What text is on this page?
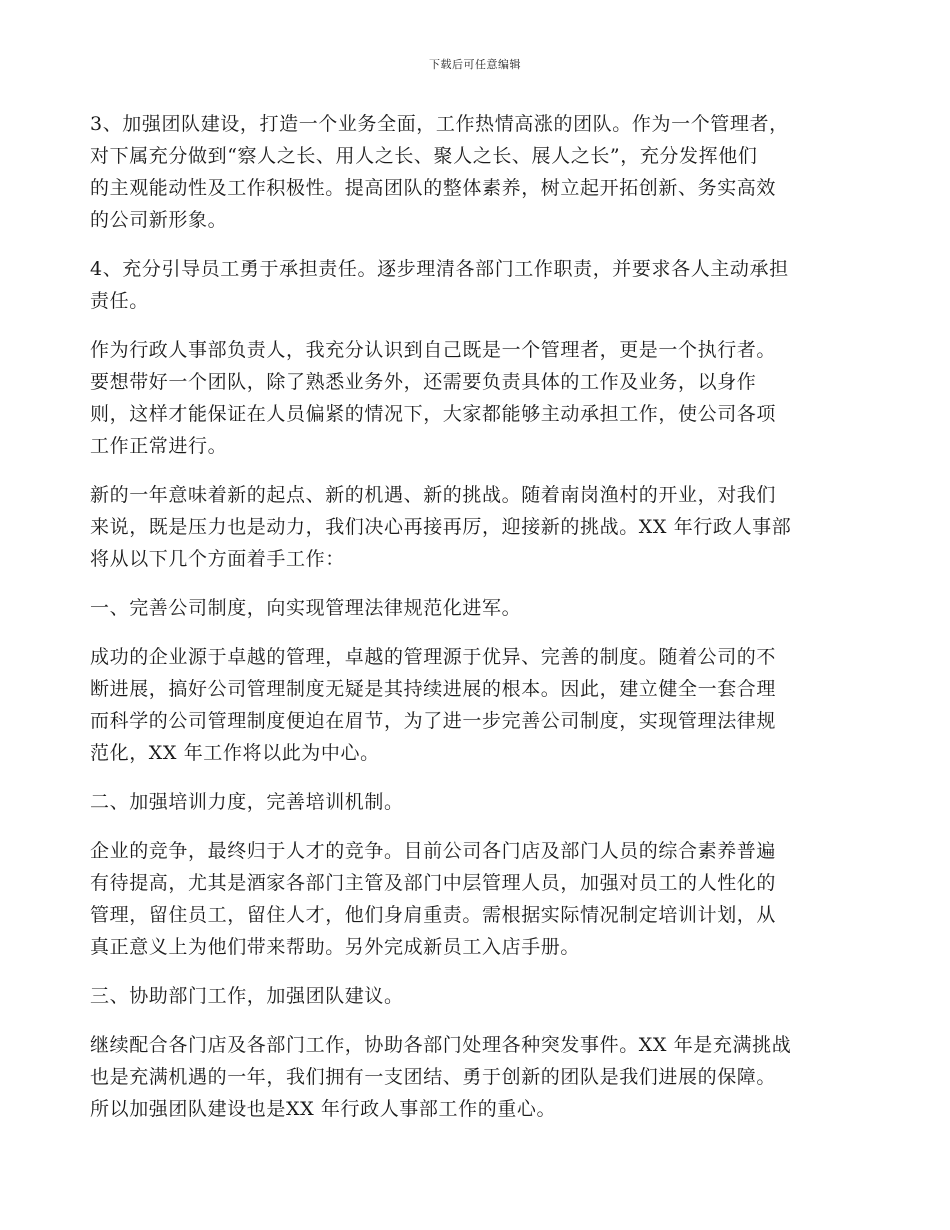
下载后可任意编辑

3、加强团队建设，打造一个业务全面，工作热情高涨的团队。作为一个管理者，
对下属充分做到“察人之长、用人之长、聚人之长、展人之长”，充分发挥他们
的主观能动性及工作积极性。提高团队的整体素养，树立起开拓创新、务实高效
的公司新形象。

4、充分引导员工勇于承担责任。逐步理清各部门工作职责，并要求各人主动承担
责任。

作为行政人事部负责人，我充分认识到自己既是一个管理者，更是一个执行者。
要想带好一个团队，除了熟悉业务外，还需要负责具体的工作及业务，以身作
则，这样才能保证在人员偏紧的情况下，大家都能够主动承担工作，使公司各项
工作正常进行。

新的一年意味着新的起点、新的机遇、新的挑战。随着南岗渔村的开业，对我们
来说，既是压力也是动力，我们决心再接再厉，迎接新的挑战。XX 年行政人事部
将从以下几个方面着手工作：

一、完善公司制度，向实现管理法律规范化进军。

成功的企业源于卓越的管理，卓越的管理源于优异、完善的制度。随着公司的不
断进展，搞好公司管理制度无疑是其持续进展的根本。因此，建立健全一套合理
而科学的公司管理制度便迫在眉节，为了进一步完善公司制度，实现管理法律规
范化，XX 年工作将以此为中心。

二、加强培训力度，完善培训机制。

企业的竞争，最终归于人才的竞争。目前公司各门店及部门人员的综合素养普遍
有待提高，尤其是酒家各部门主管及部门中层管理人员，加强对员工的人性化的
管理，留住员工，留住人才，他们身肩重责。需根据实际情况制定培训计划，从
真正意义上为他们带来帮助。另外完成新员工入店手册。

三、协助部门工作，加强团队建议。

继续配合各门店及各部门工作，协助各部门处理各种突发事件。XX 年是充满挑战
也是充满机遇的一年，我们拥有一支团结、勇于创新的团队是我们进展的保障。
所以加强团队建设也是XX 年行政人事部工作的重心。
